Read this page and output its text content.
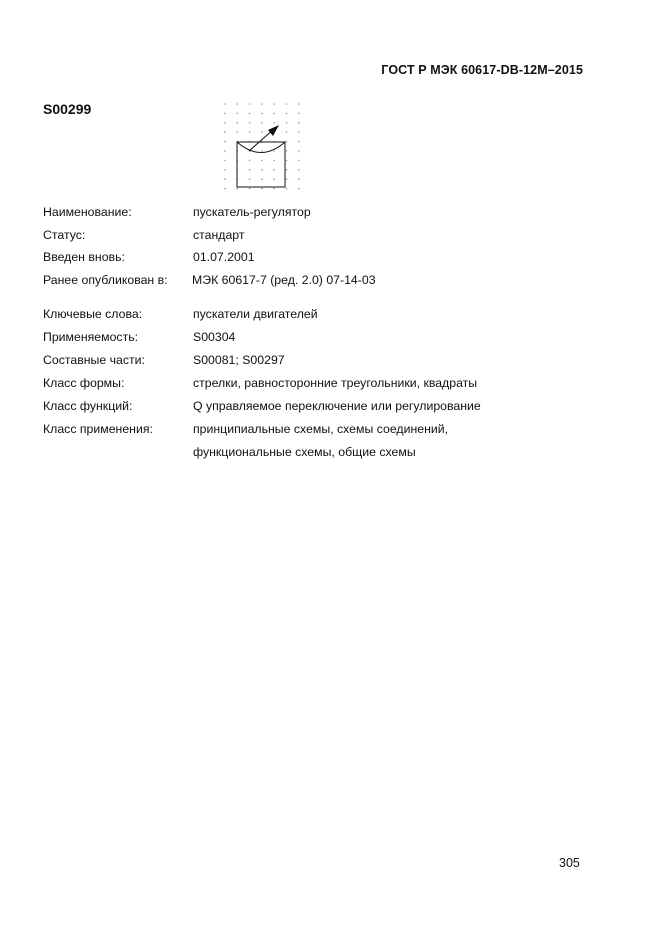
ГОСТ Р МЭК 60617-DB-12M–2015
S00299
Наименование:	пускатель-регулятор
Статус:	стандарт
Введен вновь:	01.07.2001
Ранее опубликован в: МЭК 60617-7 (ред. 2.0) 07-14-03
Ключевые слова:	пускатели двигателей
Применяемость:	S00304
Составные части:	S00081; S00297
Класс формы:	стрелки, равносторонние треугольники, квадраты
Класс функций:	Q управляемое переключение или регулирование
Класс применения:	принципиальные схемы, схемы соединений,
функциональные схемы, общие схемы
305
